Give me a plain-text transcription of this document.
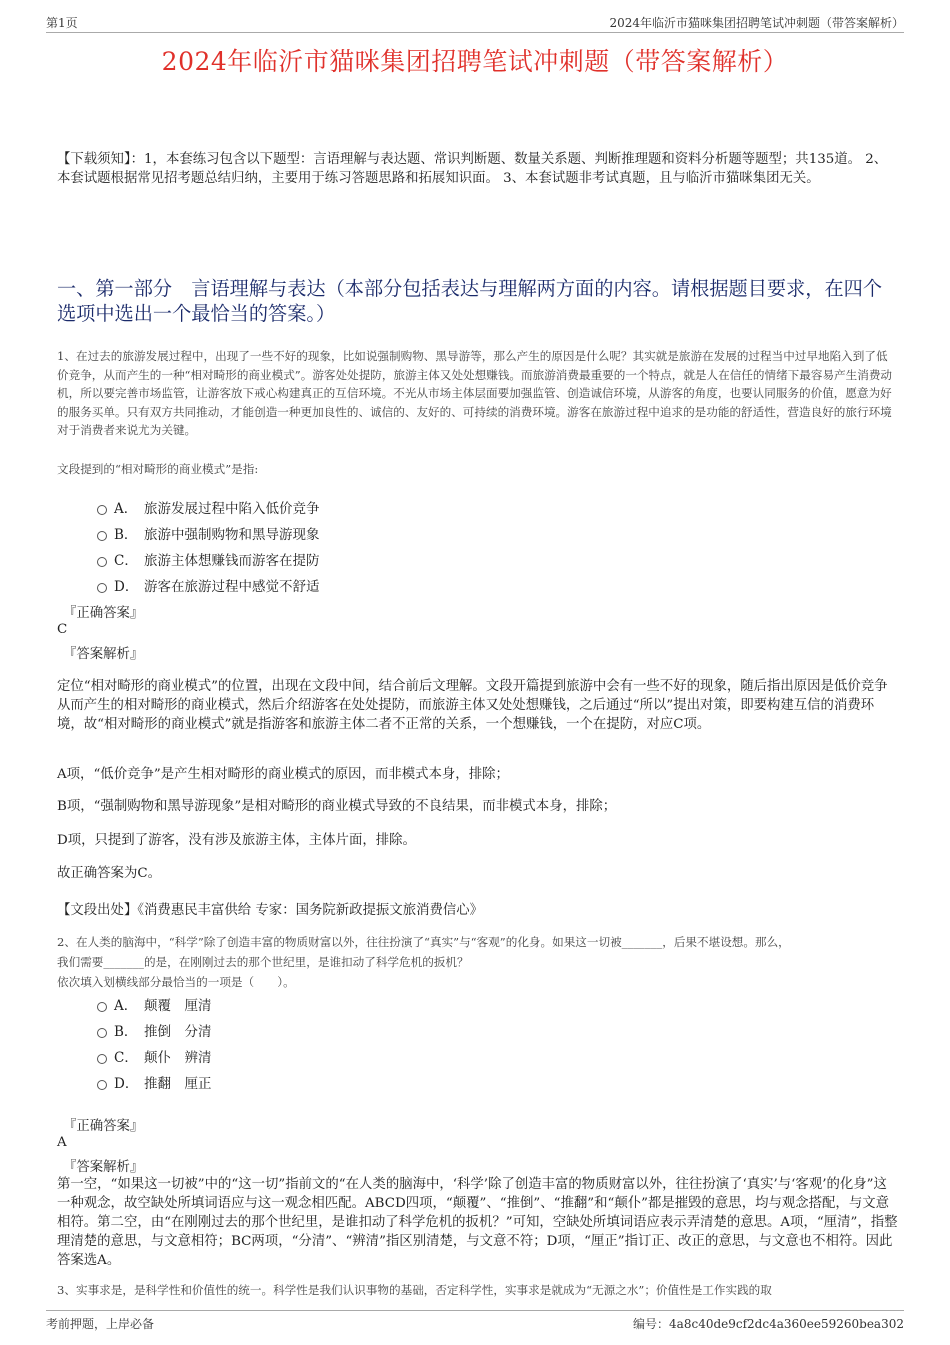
第1页	2024年临沂市猫咪集团招聘笔试冲刺题（带答案解析）
2024年临沂市猫咪集团招聘笔试冲刺题（带答案解析）
【下载须知】：1，本套练习包含以下题型：言语理解与表达题、常识判断题、数量关系题、判断推理题和资料分析题等题型；共135道。 2、本套试题根据常见招考题总结归纳，主要用于练习答题思路和拓展知识面。 3、本套试题非考试真题，且与临沂市猫咪集团无关。
一、第一部分　言语理解与表达（本部分包括表达与理解两方面的内容。请根据题目要求，在四个选项中选出一个最恰当的答案。）
1、在过去的旅游发展过程中，出现了一些不好的现象，比如说强制购物、黑导游等，那么产生的原因是什么呢？其实就是旅游在发展的过程当中过早地陷入到了低价竞争，从而产生的一种“相对畸形的商业模式”。游客处处提防，旅游主体又处处想赚钱。而旅游消费最重要的一个特点，就是人在信任的情绪下最容易产生消费动机，所以要完善市场监管，让游客放下戒心构建真正的互信环境。不光从市场主体层面要加强监管、创造诚信环境，从游客的角度，也要认同服务的价值，愿意为好的服务买单。只有双方共同推动，才能创造一种更加良性的、诚信的、友好的、可持续的消费环境。游客在旅游过程中追求的是功能的舒适性，营造良好的旅行环境对于消费者来说尤为关键。
文段提到的“相对畸形的商业模式”是指:
A． 旅游发展过程中陷入低价竞争
B． 旅游中强制购物和黑导游现象
C． 旅游主体想赚钱而游客在提防
D． 游客在旅游过程中感觉不舒适
『正确答案』
C
『答案解析』
定位“相对畸形的商业模式”的位置，出现在文段中间，结合前后文理解。文段开篇提到旅游中会有一些不好的现象，随后指出原因是低价竞争从而产生的相对畸形的商业模式，然后介绍游客在处处提防，而旅游主体又处处想赚钱，之后通过“所以”提出对策，即要构建互信的消费环境，故“相对畸形的商业模式”就是指游客和旅游主体二者不正常的关系，一个想赚钱，一个在提防，对应C项。
A项，“低价竞争”是产生相对畸形的商业模式的原因，而非模式本身，排除；
B项，“强制购物和黑导游现象”是相对畸形的商业模式导致的不良结果，而非模式本身，排除；
D项，只提到了游客，没有涉及旅游主体，主体片面，排除。
故正确答案为C。
【文段出处】《消费惠民丰富供给 专家：国务院新政提振文旅消费信心》
2、在人类的脑海中，“科学”除了创造丰富的物质财富以外，往往扮演了“真实”与“客观”的化身。如果这一切被_______，后果不堪设想。那么，
我们需要_______的是，在刚刚过去的那个世纪里，是谁扣动了科学危机的扳机？
依次填入划横线部分最恰当的一项是（　　）。
A． 颠覆　厘清
B． 推倒　分清
C． 颠仆　辨清
D． 推翻　厘正
『正确答案』
A
『答案解析』
第一空，“如果这一切被”中的“这一切”指前文的“在人类的脑海中，‘科学’除了创造丰富的物质财富以外，往往扮演了‘真实’与‘客观’的化身”这一种观念，故空缺处所填词语应与这一观念相匹配。ABCD四项，“颠覆”、“推倒”、“推翻”和“颠仆”都是摧毁的意思，均与观念搭配，与文意相符。第二空，由“在刚刚过去的那个世纪里，是谁扣动了科学危机的扳机？”可知，空缺处所填词语应表示弄清楚的意思。A项，“厘清”，指整理清楚的意思，与文意相符；BC两项，“分清”、“辨清”指区别清楚，与文意不符；D项，“厘正”指订正、改正的意思，与文意也不相符。因此答案选A。
3、实事求是，是科学性和价值性的统一。科学性是我们认识事物的基础，否定科学性，实事求是就成为“无源之水”；价值性是工作实践的取
考前押题，上岸必备	编号：4a8c40de9cf2dc4a360ee59260bea302
